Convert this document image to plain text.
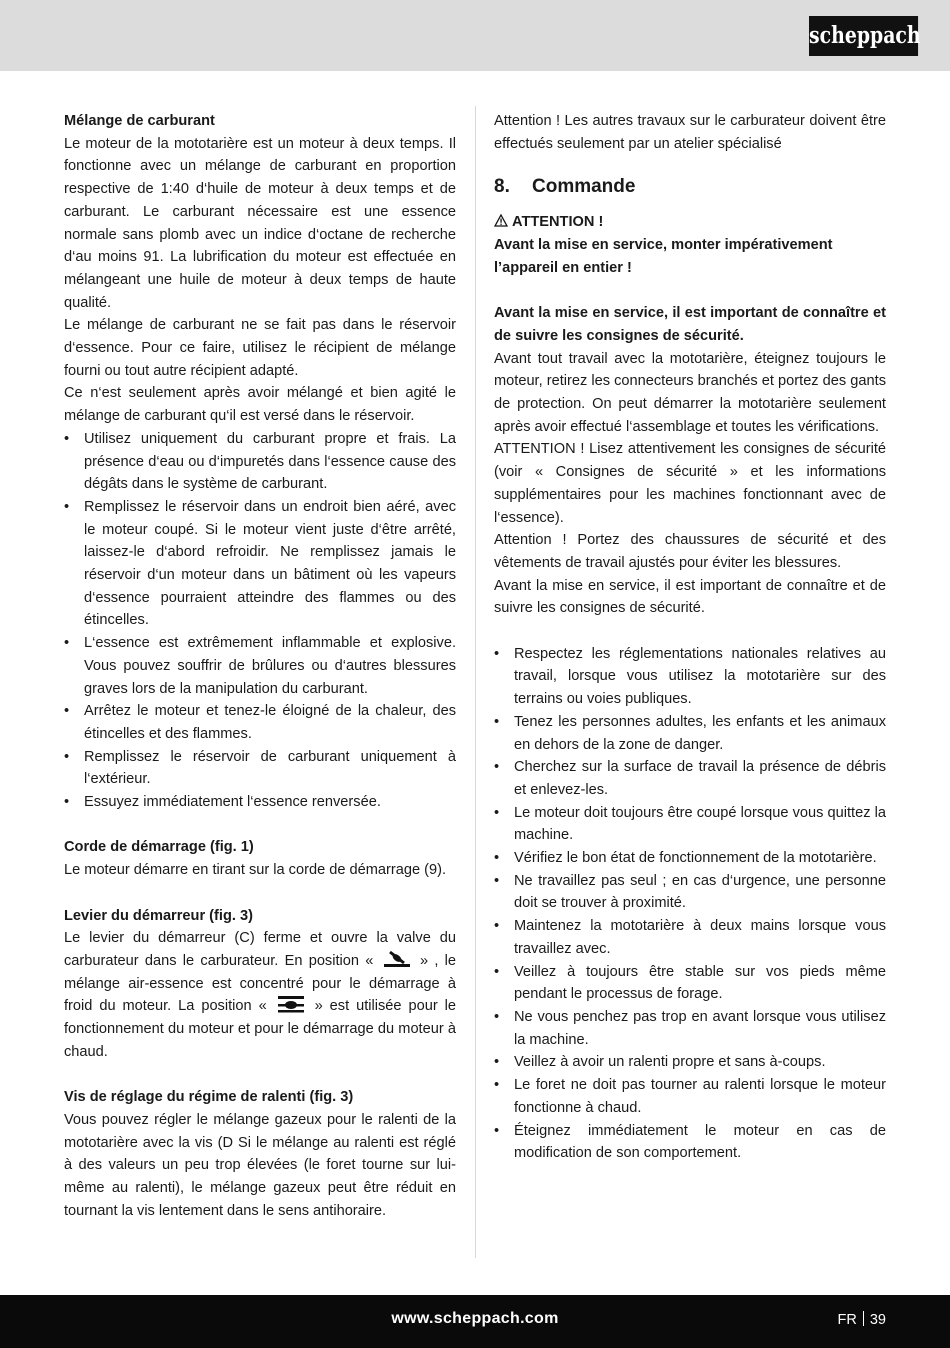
scheppach

Mélange de carburant

Le moteur de la mototarière est un moteur à deux temps. Il fonctionne avec un mélange de carburant en proportion respective de 1:40 d‘huile de moteur à deux temps et de carburant. Le carburant nécessaire est une essence normale sans plomb avec un indice d‘octane de recherche d‘au moins 91. La lubrification du moteur est effectuée en mélangeant une huile de moteur à deux temps de haute qualité.

Le mélange de carburant ne se fait pas dans le réservoir d‘essence. Pour ce faire, utilisez le récipient de mélange fourni ou tout autre récipient adapté.

Ce n‘est seulement après avoir mélangé et bien agité le mélange de carburant qu‘il est versé dans le réservoir.

• Utilisez uniquement du carburant propre et frais. La présence d‘eau ou d‘impuretés dans l‘essence cause des dégâts dans le système de carburant.
• Remplissez le réservoir dans un endroit bien aéré, avec le moteur coupé. Si le moteur vient juste d‘être arrêté, laissez-le d‘abord refroidir. Ne remplissez jamais le réservoir d‘un moteur dans un bâtiment où les vapeurs d‘essence pourraient atteindre des flammes ou des étincelles.
• L‘essence est extrêmement inflammable et explosive. Vous pouvez souffrir de brûlures ou d‘autres blessures graves lors de la manipulation du carburant.
• Arrêtez le moteur et tenez-le éloigné de la chaleur, des étincelles et des flammes.
• Remplissez le réservoir de carburant uniquement à l‘extérieur.
• Essuyez immédiatement l‘essence renversée.

Corde de démarrage (fig. 1)

Le moteur démarre en tirant sur la corde de démarrage (9).

Levier du démarreur (fig. 3)

Le levier du démarreur (C) ferme et ouvre la valve du carburateur dans le carburateur. En position «	» , le mélange air-essence est concentré pour le démarrage à froid du moteur. La position «	» est utilisée pour le fonctionnement du moteur et pour le démarrage du moteur à chaud.

Vis de réglage du régime de ralenti (fig. 3)

Vous pouvez régler le mélange gazeux pour le ralenti de la mototarière avec la vis (D Si le mélange au ralenti est réglé à des valeurs un peu trop élevées (le foret tourne sur lui-même au ralenti), le mélange gazeux peut être réduit en tournant la vis lentement dans le sens antihoraire.

Attention ! Les autres travaux sur le carburateur doivent être effectués seulement par un atelier spécialisé

8. Commande

ATTENTION !

Avant la mise en service, monter impérativement l’appareil en entier !

Avant la mise en service, il est important de connaître et de suivre les consignes de sécurité.

Avant tout travail avec la mototarière, éteignez toujours le moteur, retirez les connecteurs branchés et portez des gants de protection. On peut démarrer la mototarière seulement après avoir effectué l‘assemblage et toutes les vérifications.

ATTENTION ! Lisez attentivement les consignes de sécurité (voir « Consignes de sécurité » et les informations supplémentaires pour les machines fonctionnant avec de l‘essence).

Attention ! Portez des chaussures de sécurité et des vêtements de travail ajustés pour éviter les blessures.

Avant la mise en service, il est important de connaître et de suivre les consignes de sécurité.

• Respectez les réglementations nationales relatives au travail, lorsque vous utilisez la mototarière sur des terrains ou voies publiques.
• Tenez les personnes adultes, les enfants et les animaux en dehors de la zone de danger.
• Cherchez sur la surface de travail la présence de débris et enlevez-les.
• Le moteur doit toujours être coupé lorsque vous quittez la machine.
• Vérifiez le bon état de fonctionnement de la mototarière.
• Ne travaillez pas seul ; en cas d‘urgence, une personne doit se trouver à proximité.
• Maintenez la mototarière à deux mains lorsque vous travaillez avec.
• Veillez à toujours être stable sur vos pieds même pendant le processus de forage.
• Ne vous penchez pas trop en avant lorsque vous utilisez la machine.
• Veillez à avoir un ralenti propre et sans à-coups.
• Le foret ne doit pas tourner au ralenti lorsque le moteur fonctionne à chaud.
• Éteignez immédiatement le moteur en cas de modification de son comportement.
www.scheppach.com	FR 39
